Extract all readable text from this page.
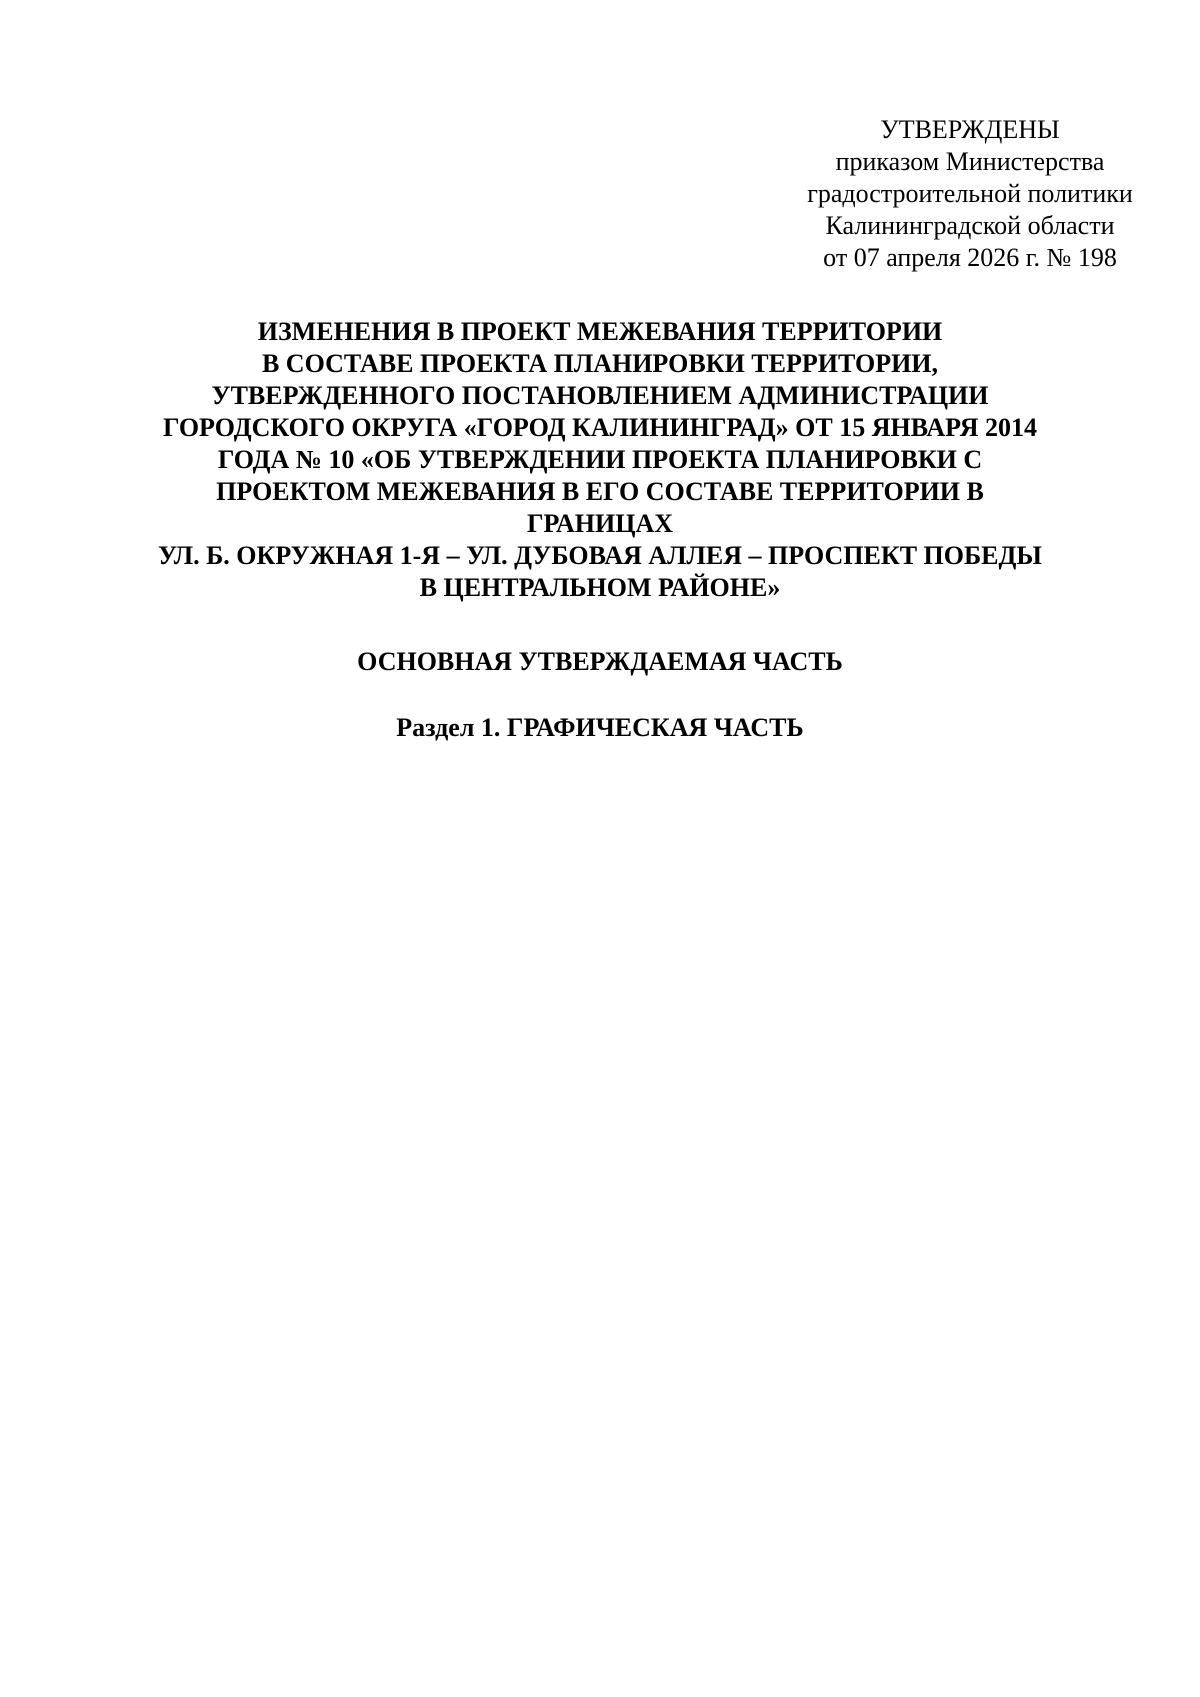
УТВЕРЖДЕНЫ
приказом Министерства
градостроительной политики
Калининградской области
от 07 апреля 2026 г. № 198
ИЗМЕНЕНИЯ В ПРОЕКТ МЕЖЕВАНИЯ ТЕРРИТОРИИ
В СОСТАВЕ ПРОЕКТА ПЛАНИРОВКИ ТЕРРИТОРИИ,
УТВЕРЖДЕННОГО ПОСТАНОВЛЕНИЕМ АДМИНИСТРАЦИИ
ГОРОДСКОГО ОКРУГА «ГОРОД КАЛИНИНГРАД» ОТ 15 ЯНВАРЯ 2014
ГОДА № 10 «ОБ УТВЕРЖДЕНИИ ПРОЕКТА ПЛАНИРОВКИ С
ПРОЕКТОМ МЕЖЕВАНИЯ В ЕГО СОСТАВЕ ТЕРРИТОРИИ В
ГРАНИЦАХ
УЛ. Б. ОКРУЖНАЯ 1-Я – УЛ. ДУБОВАЯ АЛЛЕЯ – ПРОСПЕКТ ПОБЕДЫ
В ЦЕНТРАЛЬНОМ РАЙОНЕ»
ОСНОВНАЯ УТВЕРЖДАЕМАЯ ЧАСТЬ
Раздел 1. ГРАФИЧЕСКАЯ ЧАСТЬ
